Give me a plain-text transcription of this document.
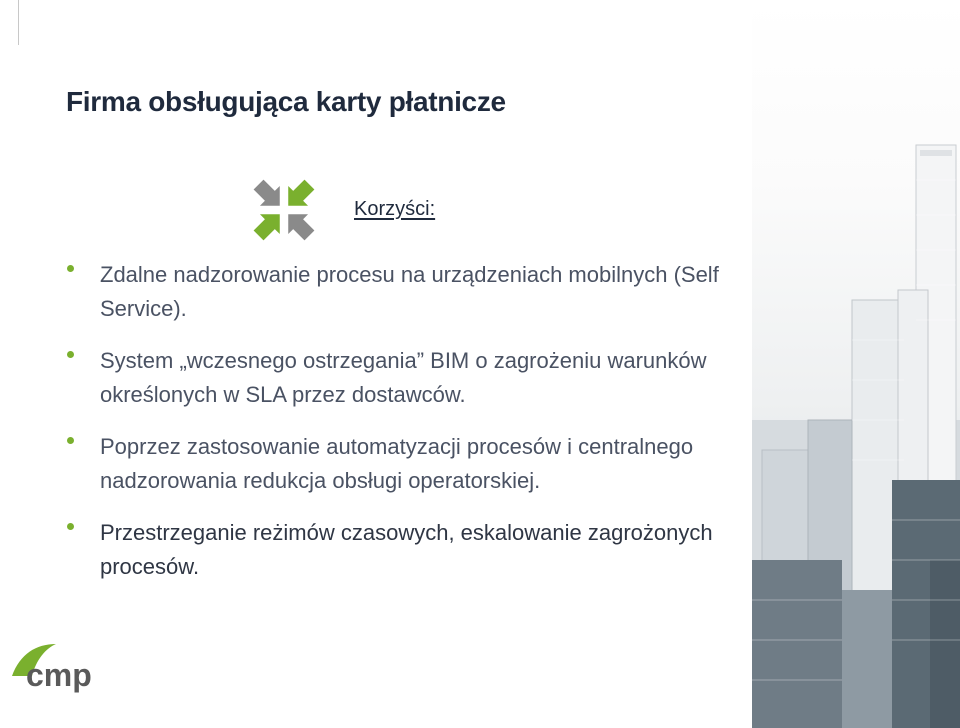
Firma obsługująca karty płatnicze
Korzyści:
Zdalne nadzorowanie procesu na urządzeniach mobilnych (Self Service).
System „wczesnego ostrzegania” BIM o zagrożeniu warunków określonych w SLA przez dostawców.
Poprzez zastosowanie automatyzacji procesów i centralnego nadzorowania redukcja obsługi operatorskiej.
Przestrzeganie reżimów czasowych, eskalowanie zagrożonych procesów.
cmp
